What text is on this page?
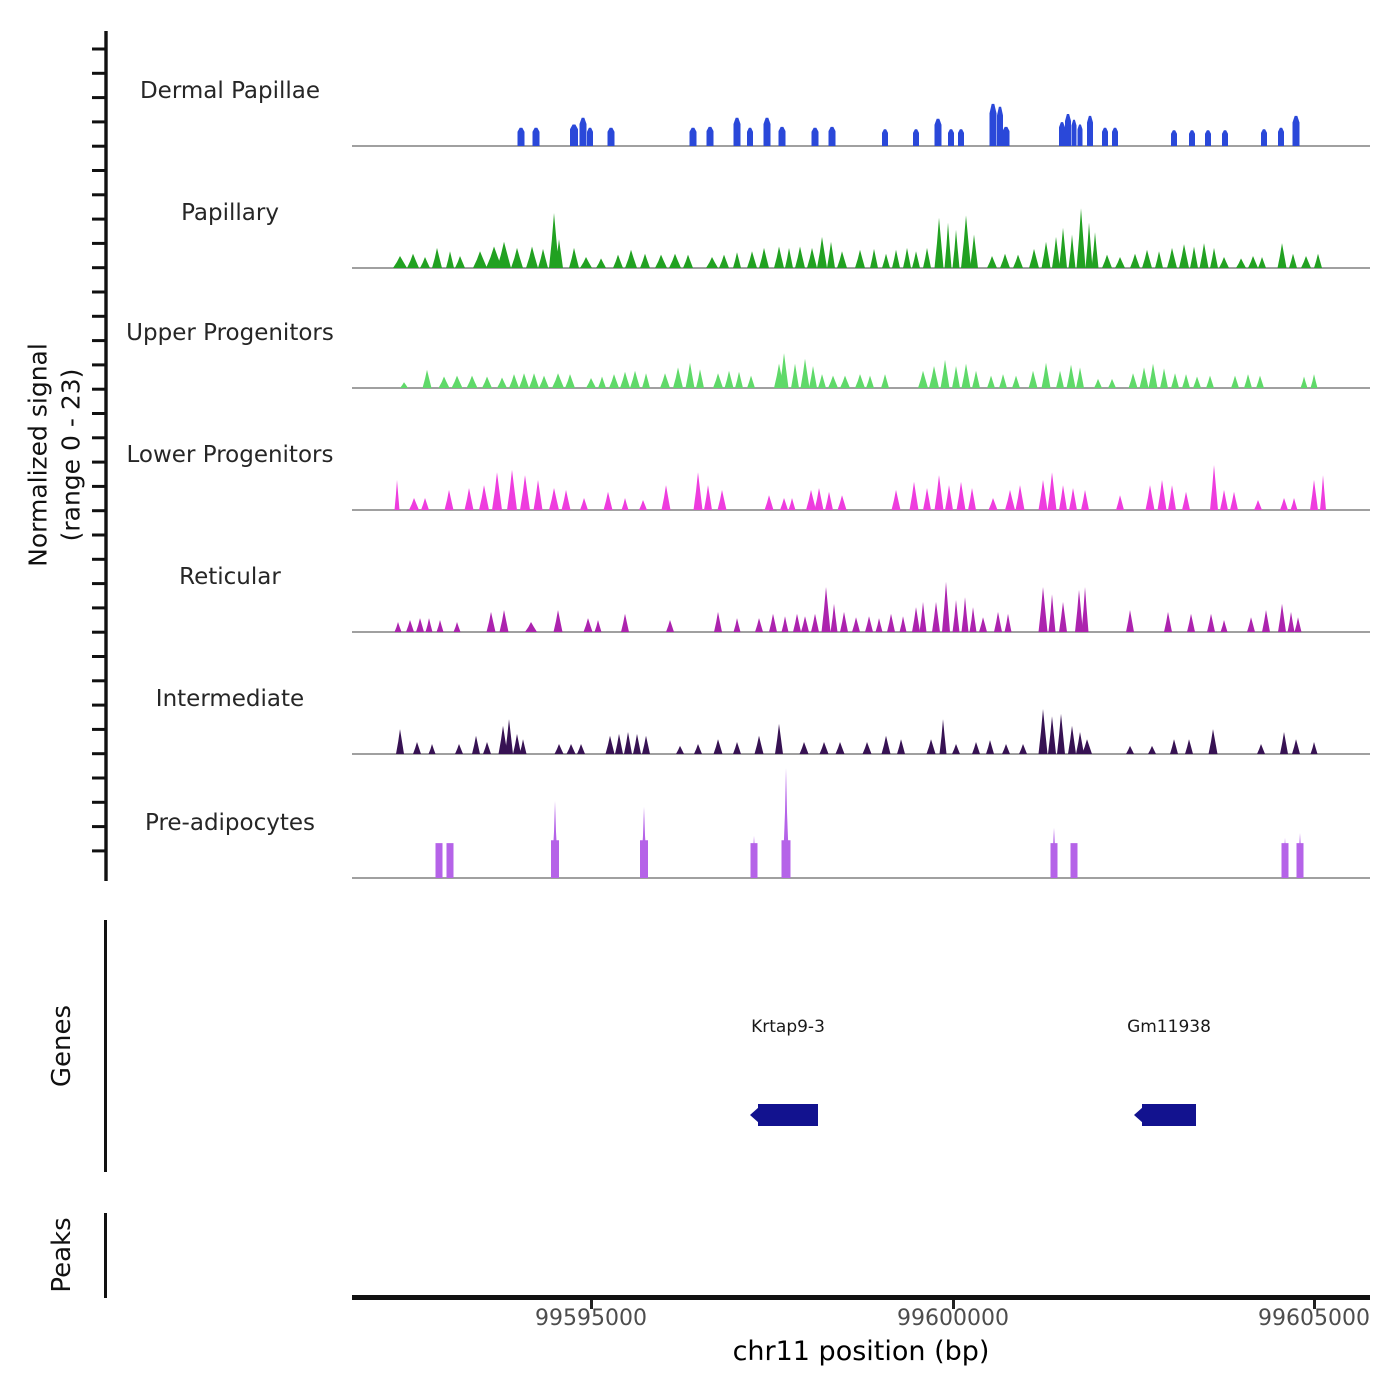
Normalized signal (range 0 - 23)
Genes
Peaks
chr11 position (bp)
Dermal Papillae
Papillary
Upper Progenitors
Lower Progenitors
Reticular
Intermediate
Pre-adipocytes
Krtap9-3	Gm11938
99595000	99600000	99605000
